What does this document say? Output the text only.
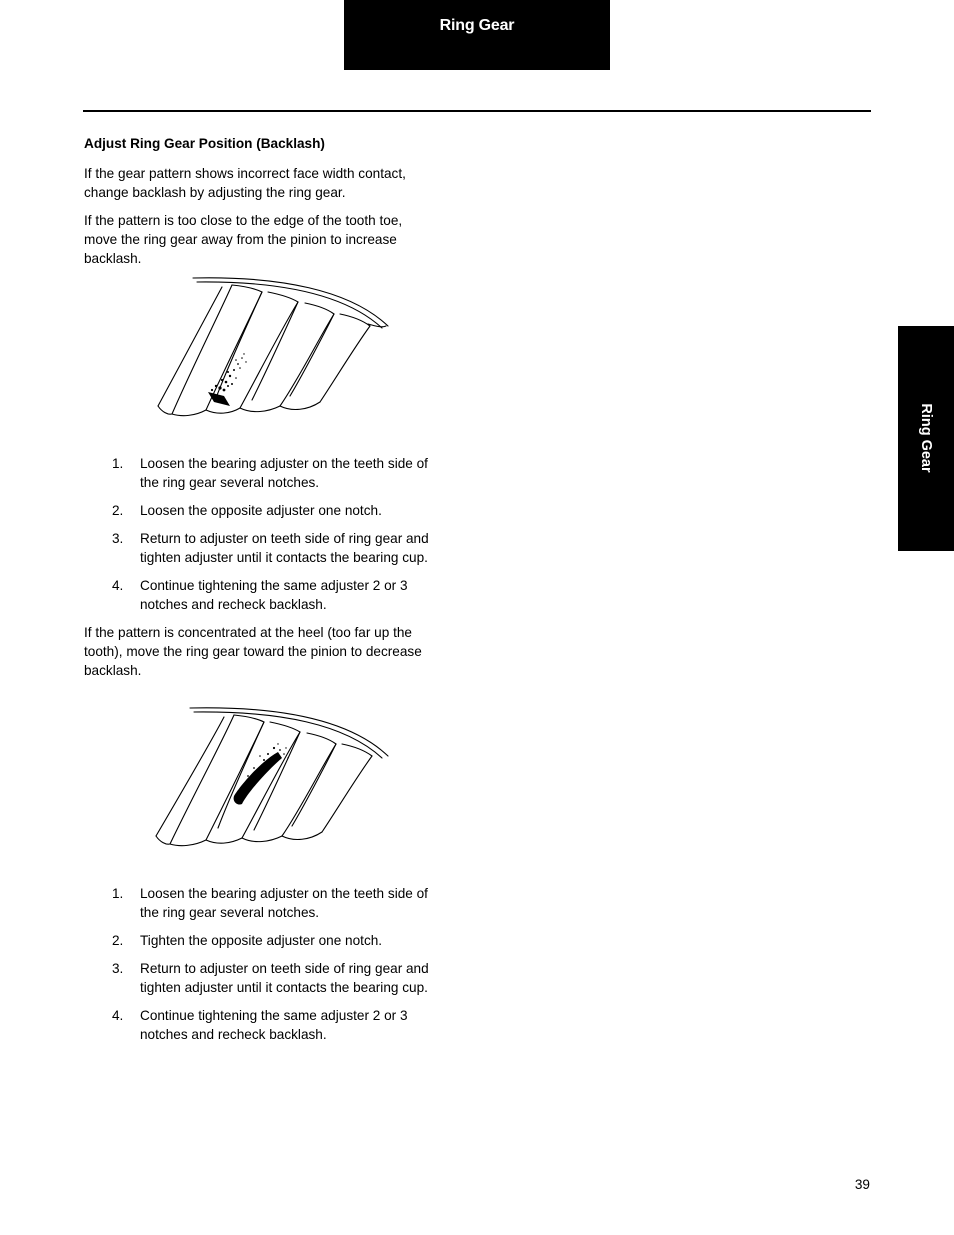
Ring Gear
Ring Gear
Adjust Ring Gear Position (Backlash)
If the gear pattern shows incorrect face width contact, change backlash by adjusting the ring gear.
If the pattern is too close to the edge of the tooth toe, move the ring gear away from the pinion to increase backlash.
1. Loosen the bearing adjuster on the teeth side of the ring gear several notches.
2. Loosen the opposite adjuster one notch.
3. Return to adjuster on teeth side of ring gear and tighten adjuster until it contacts the bearing cup.
4. Continue tightening the same adjuster 2 or 3 notches and recheck backlash.
If the pattern is concentrated at the heel (too far up the tooth), move the ring gear toward the pinion to decrease backlash.
1. Loosen the bearing adjuster on the teeth side of the ring gear several notches.
2. Tighten the opposite adjuster one notch.
3. Return to adjuster on teeth side of ring gear and tighten adjuster until it contacts the bearing cup.
4. Continue tightening the same adjuster 2 or 3 notches and recheck backlash.
39
